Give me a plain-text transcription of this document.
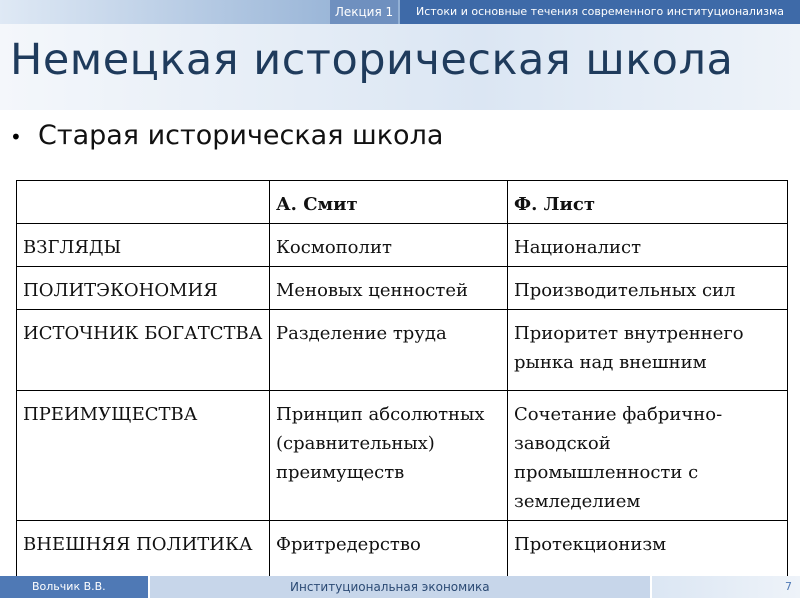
Лекция 1	Истоки и основные течения современного институционализма
Немецкая историческая школа
• Старая историческая школа
	А. Смит	Ф. Лист
ВЗГЛЯДЫ	Космополит	Националист
ПОЛИТЭКОНОМИЯ	Меновых ценностей	Производительных сил
ИСТОЧНИК БОГАТСТВА	Разделение труда	Приоритет внутреннего рынка над внешним
ПРЕИМУЩЕСТВА	Принцип абсолютных (сравнительных) преимуществ	Сочетание фабрично-заводской промышленности с земледелием
ВНЕШНЯЯ ПОЛИТИКА	Фритредерство	Протекционизм
Вольчик В.В.	Институциональная экономика	7
